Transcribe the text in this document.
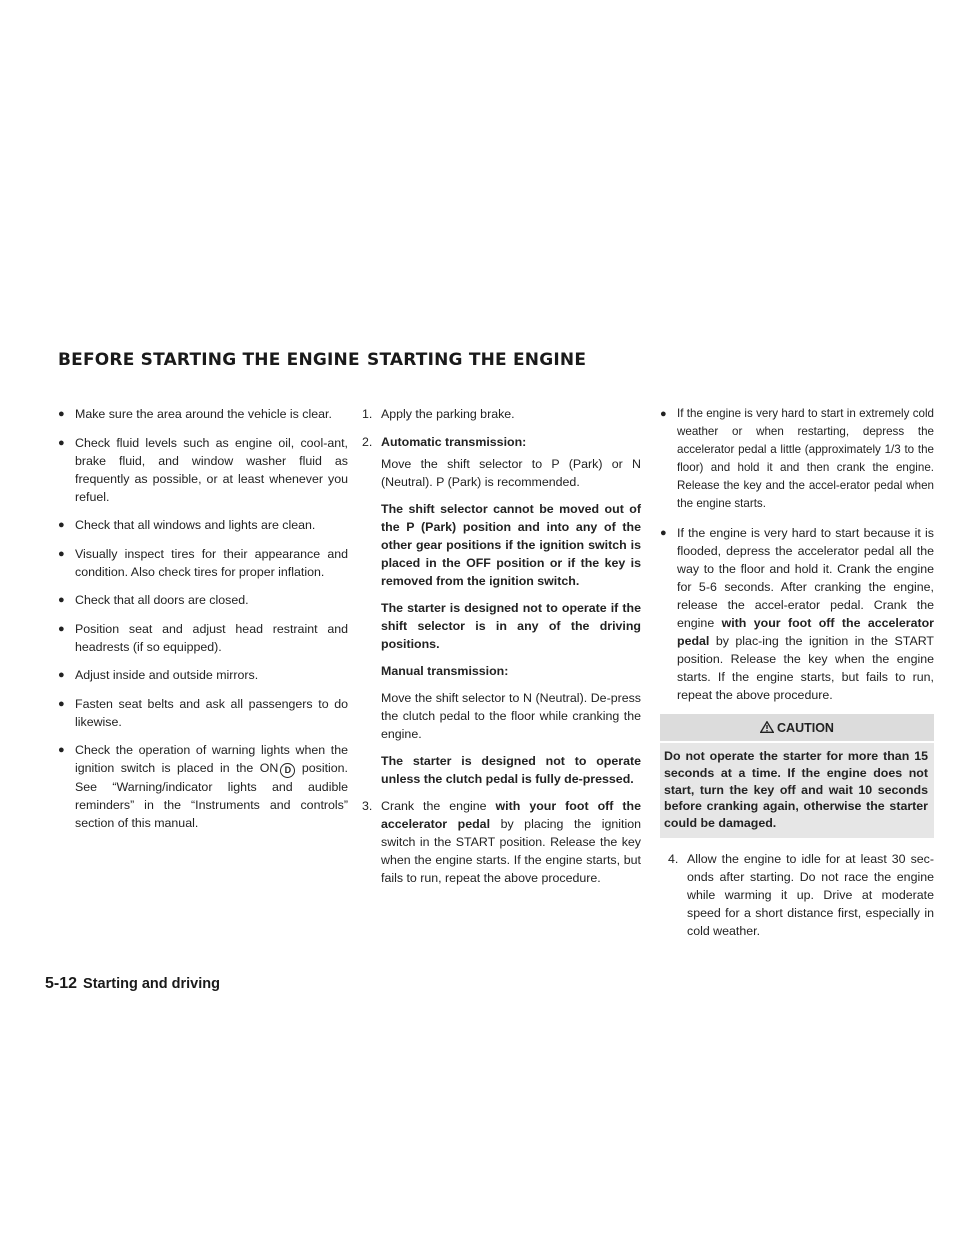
BEFORE STARTING THE ENGINE STARTING THE ENGINE
● Make sure the area around the vehicle is clear.
● Check fluid levels such as engine oil, cool-ant, brake fluid, and window washer fluid as frequently as possible, or at least whenever you refuel.
● Check that all windows and lights are clean.
● Visually inspect tires for their appearance and condition. Also check tires for proper inflation.
● Check that all doors are closed.
● Position seat and adjust head restraint and headrests (if so equipped).
● Adjust inside and outside mirrors.
● Fasten seat belts and ask all passengers to do likewise.
● Check the operation of warning lights when the ignition switch is placed in the ON D position. See “Warning/indicator lights and audible reminders” in the “Instruments and controls” section of this manual.
1. Apply the parking brake.
2. Automatic transmission:

Move the shift selector to P (Park) or N (Neutral). P (Park) is recommended.

The shift selector cannot be moved out of the P (Park) position and into any of the other gear positions if the ignition switch is placed in the OFF position or if the key is removed from the ignition switch.

The starter is designed not to operate if the shift selector is in any of the driving positions.

Manual transmission:

Move the shift selector to N (Neutral). De-press the clutch pedal to the floor while cranking the engine.

The starter is designed not to operate unless the clutch pedal is fully de-pressed.

3. Crank the engine with your foot off the accelerator pedal by placing the ignition switch in the START position. Release the key when the engine starts. If the engine starts, but fails to run, repeat the above procedure.
● If the engine is very hard to start in extremely cold weather or when restarting, depress the accelerator pedal a little (approximately 1/3 to the floor) and hold it and then crank the engine. Release the key and the accel-erator pedal when the engine starts.
● If the engine is very hard to start because it is flooded, depress the accelerator pedal all the way to the floor and hold it. Crank the engine for 5-6 seconds. After cranking the engine, release the accel-erator pedal. Crank the engine with your foot off the accelerator pedal by plac-ing the ignition in the START position. Release the key when the engine starts. If the engine starts, but fails to run, repeat the above procedure.
CAUTION
Do not operate the starter for more than 15 seconds at a time. If the engine does not start, turn the key off and wait 10 seconds before cranking again, otherwise the starter could be damaged.
4. Allow the engine to idle for at least 30 sec-onds after starting. Do not race the engine while warming it up. Drive at moderate speed for a short distance first, especially in cold weather.
5-12 Starting and driving
